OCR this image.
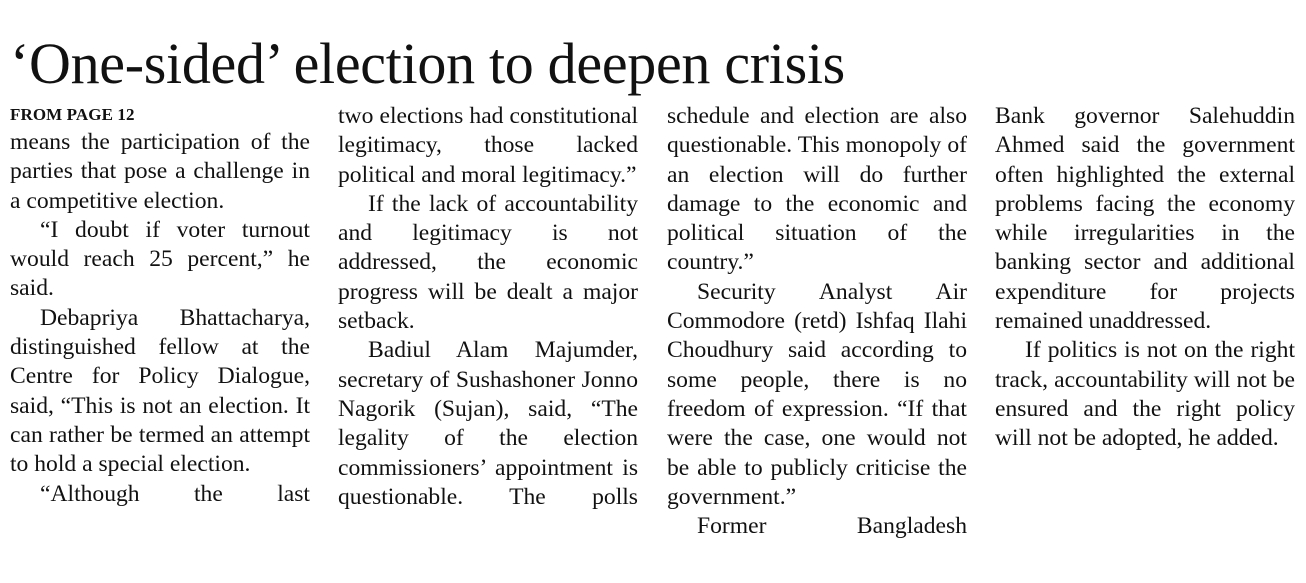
‘One-sided’ election to deepen crisis
FROM PAGE 12

means the participation of the parties that pose a challenge in a competitive election.

“I doubt if voter turnout would reach 25 percent,” he said.

Debapriya Bhattacharya, distinguished fellow at the Centre for Policy Dialogue, said, “This is not an election. It can rather be termed an attempt to hold a special election.

“Although the last

two elections had constitutional legitimacy, those lacked political and moral legitimacy.”

If the lack of accountability and legitimacy is not addressed, the economic progress will be dealt a major setback.

Badiul Alam Majumder, secretary of Sushashoner Jonno Nagorik (Sujan), said, “The legality of the election commissioners’ appointment is questionable. The polls

schedule and election are also questionable. This monopoly of an election will do further damage to the economic and political situation of the country.”

Security Analyst Air Commodore (retd) Ishfaq Ilahi Choudhury said according to some people, there is no freedom of expression. “If that were the case, one would not be able to publicly criticise the government.”

Former Bangladesh

Bank governor Salehuddin Ahmed said the government often highlighted the external problems facing the economy while irregularities in the banking sector and additional expenditure for projects remained unaddressed.

If politics is not on the right track, accountability will not be ensured and the right policy will not be adopted, he added.
